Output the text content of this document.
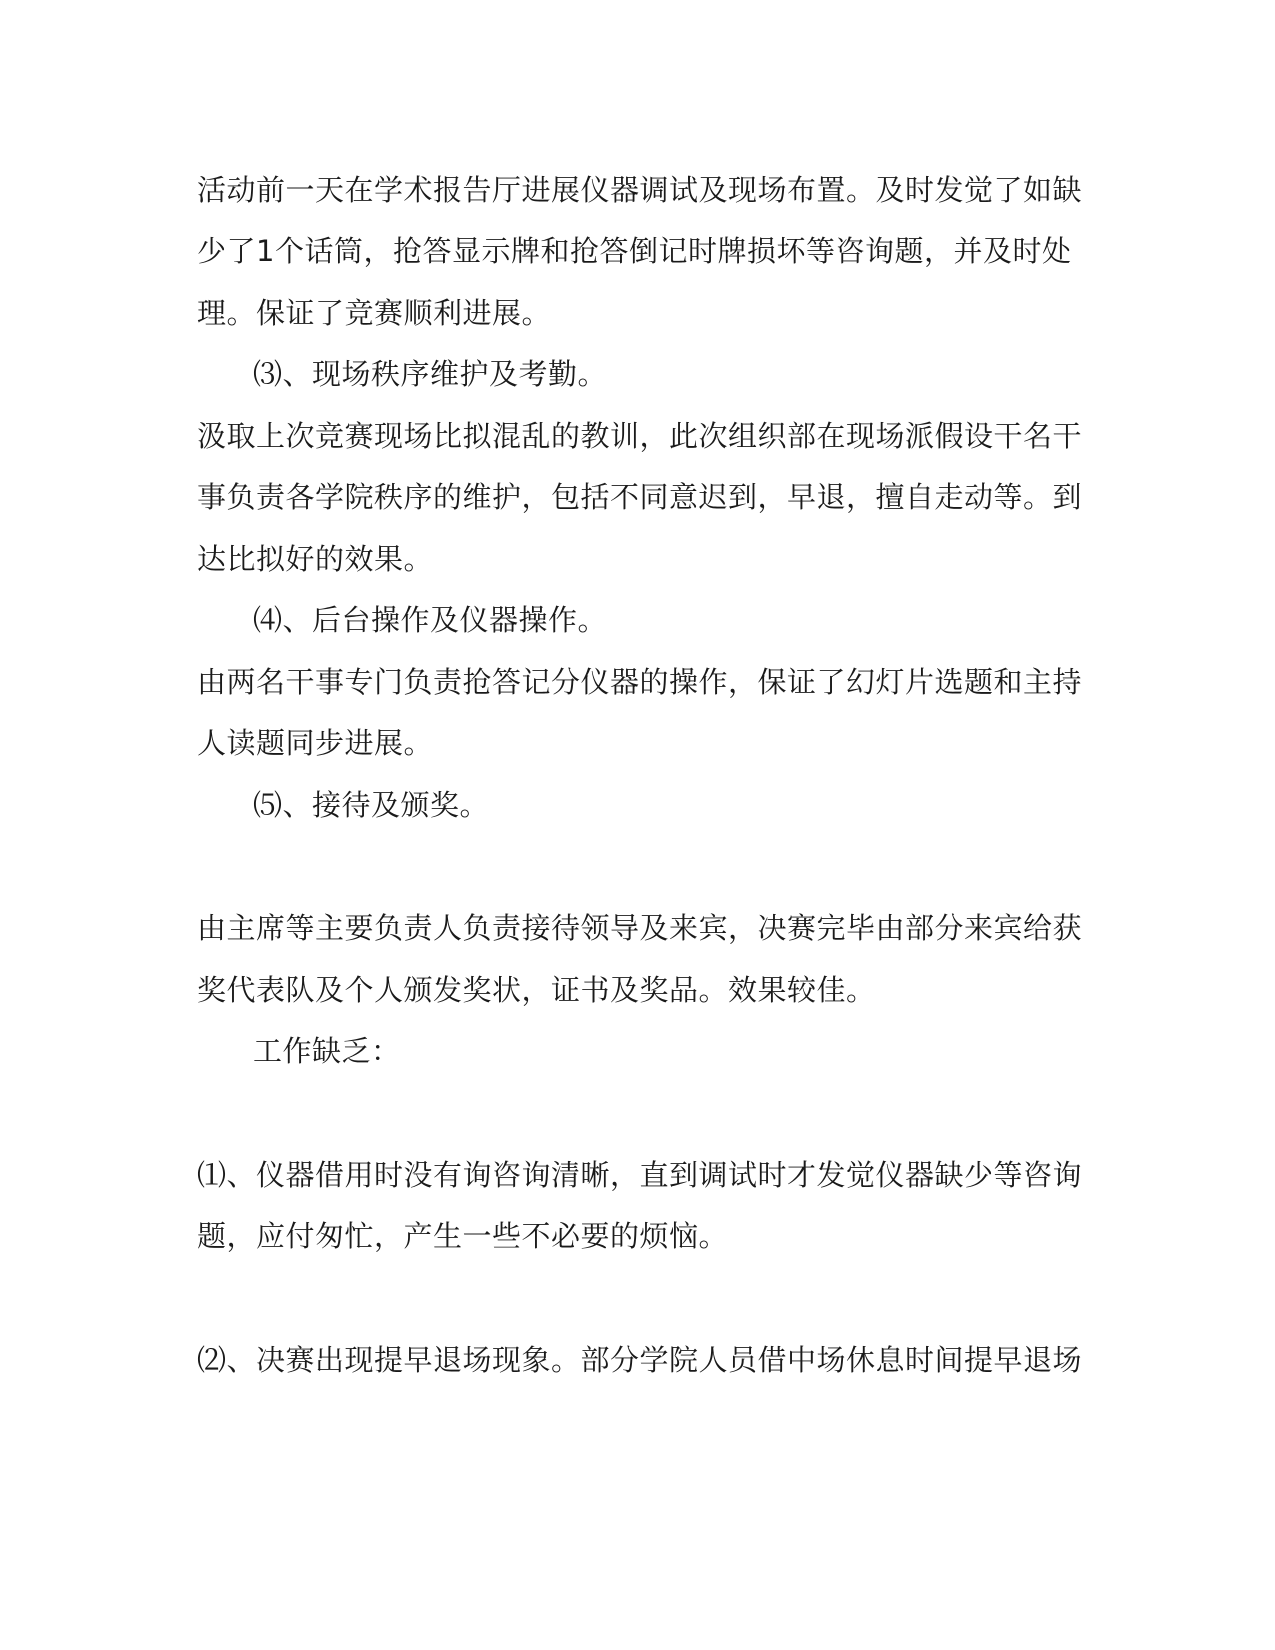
活动前一天在学术报告厅进展仪器调试及现场布置。及时发觉了如缺

少了1个话筒，抢答显示牌和抢答倒记时牌损坏等咨询题，并及时处

理。保证了竞赛顺利进展。

⑶、现场秩序维护及考勤。

汲取上次竞赛现场比拟混乱的教训，此次组织部在现场派假设干名干

事负责各学院秩序的维护，包括不同意迟到，早退，擅自走动等。到

达比拟好的效果。

⑷、后台操作及仪器操作。

由两名干事专门负责抢答记分仪器的操作，保证了幻灯片选题和主持

人读题同步进展。

⑸、接待及颁奖。

由主席等主要负责人负责接待领导及来宾，决赛完毕由部分来宾给获

奖代表队及个人颁发奖状，证书及奖品。效果较佳。

工作缺乏：

⑴、仪器借用时没有询咨询清晰，直到调试时才发觉仪器缺少等咨询

题，应付匆忙，产生一些不必要的烦恼。

⑵、决赛出现提早退场现象。部分学院人员借中场休息时间提早退场
